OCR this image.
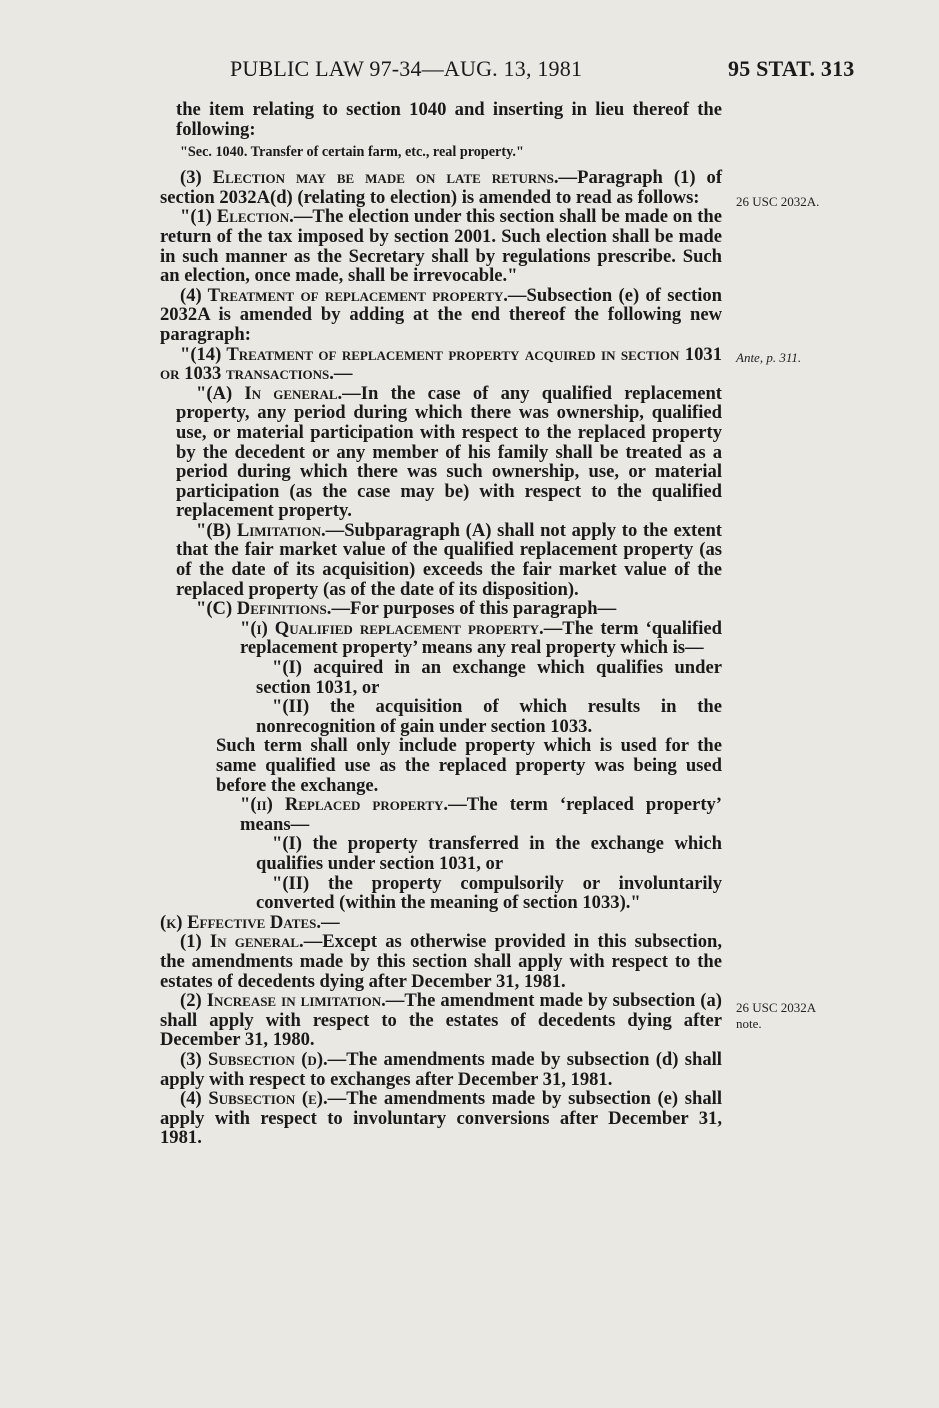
PUBLIC LAW 97-34—AUG. 13, 1981	95 STAT. 313

the item relating to section 1040 and inserting in lieu thereof the following:

"Sec. 1040. Transfer of certain farm, etc., real property."

(3) Election may be made on late returns.—Paragraph (1) of section 2032A(d) (relating to election) is amended to read as follows:

"(1) Election.—The election under this section shall be made on the return of the tax imposed by section 2001. Such election shall be made in such manner as the Secretary shall by regulations prescribe. Such an election, once made, shall be irrevocable."

(4) Treatment of replacement property.—Subsection (e) of section 2032A is amended by adding at the end thereof the following new paragraph:

"(14) Treatment of replacement property acquired in section 1031 or 1033 transactions.—

"(A) In general.—In the case of any qualified replacement property, any period during which there was ownership, qualified use, or material participation with respect to the replaced property by the decedent or any member of his family shall be treated as a period during which there was such ownership, use, or material participation (as the case may be) with respect to the qualified replacement property.

"(B) Limitation.—Subparagraph (A) shall not apply to the extent that the fair market value of the qualified replacement property (as of the date of its acquisition) exceeds the fair market value of the replaced property (as of the date of its disposition).

"(C) Definitions.—For purposes of this paragraph—

"(i) Qualified replacement property.—The term ‘qualified replacement property’ means any real property which is—

"(I) acquired in an exchange which qualifies under section 1031, or

"(II) the acquisition of which results in the nonrecognition of gain under section 1033.

Such term shall only include property which is used for the same qualified use as the replaced property was being used before the exchange.

"(ii) Replaced property.—The term ‘replaced property’ means—

"(I) the property transferred in the exchange which qualifies under section 1031, or

"(II) the property compulsorily or involuntarily converted (within the meaning of section 1033)."

(k) Effective Dates.—

(1) In general.—Except as otherwise provided in this subsection, the amendments made by this section shall apply with respect to the estates of decedents dying after December 31, 1981.

(2) Increase in limitation.—The amendment made by subsection (a) shall apply with respect to the estates of decedents dying after December 31, 1980.

(3) Subsection (d).—The amendments made by subsection (d) shall apply with respect to exchanges after December 31, 1981.

(4) Subsection (e).—The amendments made by subsection (e) shall apply with respect to involuntary conversions after December 31, 1981.

26 USC 2032A.
Ante, p. 311.
26 USC 2032A
note.
